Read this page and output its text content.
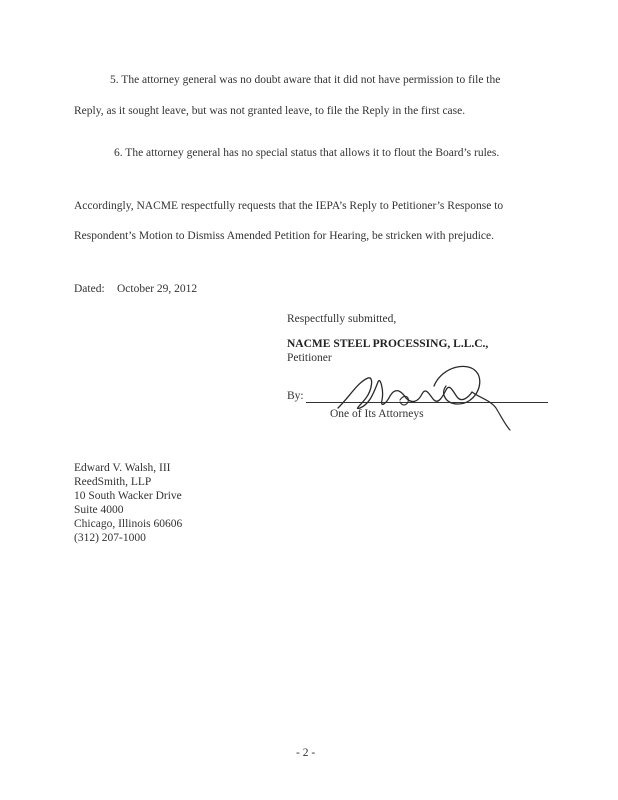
5. The attorney general was no doubt aware that it did not have permission to file the
Reply, as it sought leave, but was not granted leave, to file the Reply in the first case.
6. The attorney general has no special status that allows it to flout the Board’s rules.
Accordingly, NACME respectfully requests that the IEPA’s Reply to Petitioner’s Response to
Respondent’s Motion to Dismiss Amended Petition for Hearing, be stricken with prejudice.
Dated: October 29, 2012
Respectfully submitted,
NACME STEEL PROCESSING, L.L.C.,
Petitioner
By:
One of Its Attorneys
Edward V. Walsh, III
ReedSmith, LLP
10 South Wacker Drive
Suite 4000
Chicago, Illinois 60606
(312) 207-1000
- 2 -
